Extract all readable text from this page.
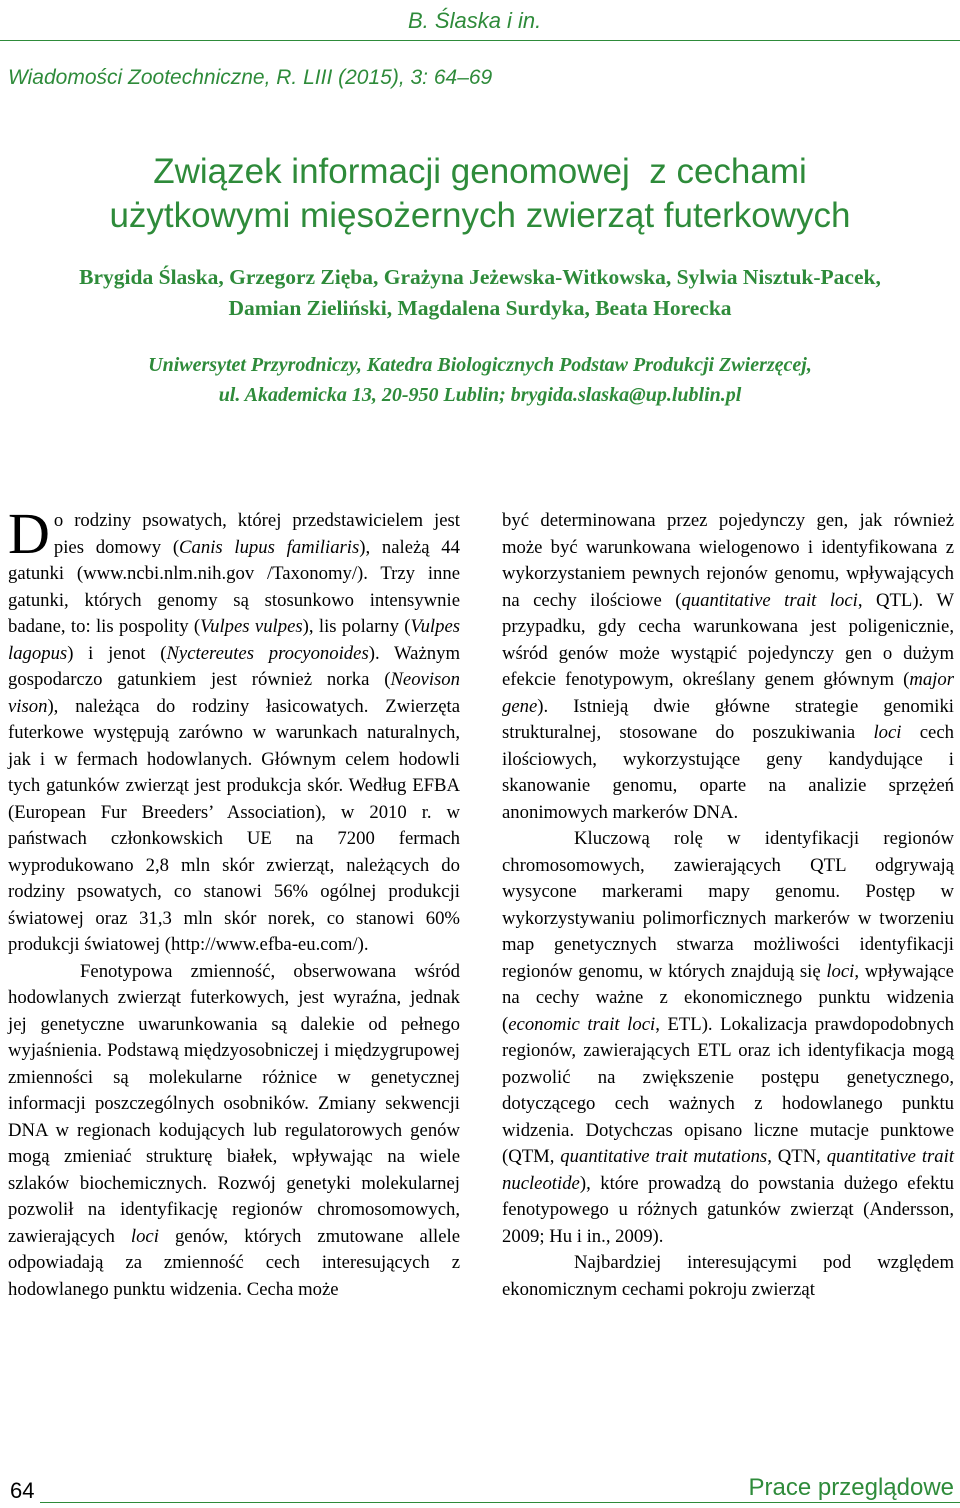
B. Ślaska i in.
Wiadomości Zootechniczne, R. LIII (2015), 3: 64–69
Związek informacji genomowej  z cechami
użytkowymi mięsożernych zwierząt futerkowych
Brygida Ślaska, Grzegorz Zięba, Grażyna Jeżewska-Witkowska, Sylwia Nisztuk-Pacek,
Damian Zieliński, Magdalena Surdyka, Beata Horecka
Uniwersytet Przyrodniczy, Katedra Biologicznych Podstaw Produkcji Zwierzęcej,
ul. Akademicka 13, 20-950 Lublin; brygida.slaska@up.lublin.pl

Do rodziny psowatych, której przedstawicielem jest pies domowy (Canis lupus familiaris), należą 44 gatunki (www.ncbi.nlm.nih.gov /Taxonomy/). Trzy inne gatunki, których genomy są stosunkowo intensywnie badane, to: lis pospolity (Vulpes vulpes), lis polarny (Vulpes lagopus) i jenot (Nyctereutes procyonoides). Ważnym gospodarczo gatunkiem jest również norka (Neovison vison), należąca do rodziny łasicowatych. Zwierzęta futerkowe występują zarówno w warunkach naturalnych, jak i w fermach hodowlanych. Głównym celem hodowli tych gatunków zwierząt jest produkcja skór. Według EFBA (European Fur Breeders’ Association), w 2010 r. w państwach członkowskich UE na 7200 fermach wyprodukowano 2,8 mln skór zwierząt, należących do rodziny psowatych, co stanowi 56% ogólnej produkcji światowej oraz 31,3 mln skór norek, co stanowi 60% produkcji światowej (http://www.efba-eu.com/).

Fenotypowa zmienność, obserwowana wśród hodowlanych zwierząt futerkowych, jest wyraźna, jednak jej genetyczne uwarunkowania są dalekie od pełnego wyjaśnienia. Podstawą międzyosobniczej i międzygrupowej zmienności są molekularne różnice w genetycznej informacji poszczególnych osobników. Zmiany sekwencji DNA w regionach kodujących lub regulatorowych genów mogą zmieniać strukturę białek, wpływając na wiele szlaków biochemicznych. Rozwój genetyki molekularnej pozwolił na identyfikację regionów chromosomowych, zawierających loci genów, których zmutowane allele odpowiadają za zmienność cech interesujących z hodowlanego punktu widzenia. Cecha może

być determinowana przez pojedynczy gen, jak również może być warunkowana wielogenowo i identyfikowana z wykorzystaniem pewnych rejonów genomu, wpływających na cechy ilościowe (quantitative trait loci, QTL). W przypadku, gdy cecha warunkowana jest poligenicznie, wśród genów może wystąpić pojedynczy gen o dużym efekcie fenotypowym, określany genem głównym (major gene). Istnieją dwie główne strategie genomiki strukturalnej, stosowane do poszukiwania loci cech ilościowych, wykorzystujące geny kandydujące i skanowanie genomu, oparte na analizie sprzężeń anonimowych markerów DNA.

Kluczową rolę w identyfikacji regionów chromosomowych, zawierających QTL odgrywają wysycone markerami mapy genomu. Postęp w wykorzystywaniu polimorficznych markerów w tworzeniu map genetycznych stwarza możliwości identyfikacji regionów genomu, w których znajdują się loci, wpływające na cechy ważne z ekonomicznego punktu widzenia (economic trait loci, ETL). Lokalizacja prawdopodobnych regionów, zawierających ETL oraz ich identyfikacja mogą pozwolić na zwiększenie postępu genetycznego, dotyczącego cech ważnych z hodowlanego punktu widzenia. Dotychczas opisano liczne mutacje punktowe (QTM, quantitative trait mutations, QTN, quantitative trait nucleotide), które prowadzą do powstania dużego efektu fenotypowego u różnych gatunków zwierząt (Andersson, 2009; Hu i in., 2009).

Najbardziej interesującymi pod względem ekonomicznym cechami pokroju zwierząt

64	Prace przeglądowe
